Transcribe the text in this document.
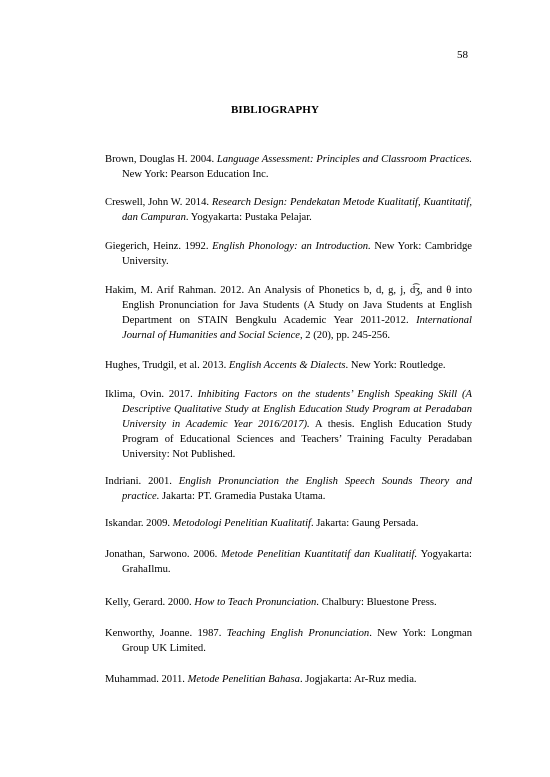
58
BIBLIOGRAPHY
Brown, Douglas H. 2004. Language Assessment: Principles and Classroom Practices. New York: Pearson Education Inc.
Creswell, John W. 2014. Research Design: Pendekatan Metode Kualitatif, Kuantitatif, dan Campuran. Yogyakarta: Pustaka Pelajar.
Giegerich, Heinz. 1992. English Phonology: an Introduction. New York: Cambridge University.
Hakim, M. Arif Rahman. 2012. An Analysis of Phonetics b, d, g, j, d͡ʒ, and θ into English Pronunciation for Java Students (A Study on Java Students at English Department on STAIN Bengkulu Academic Year 2011-2012. International Journal of Humanities and Social Science, 2 (20), pp. 245-256.
Hughes, Trudgil, et al. 2013. English Accents & Dialects. New York: Routledge.
Iklima, Ovin. 2017. Inhibiting Factors on the students’ English Speaking Skill (A Descriptive Qualitative Study at English Education Study Program at Peradaban University in Academic Year 2016/2017). A thesis. English Education Study Program of Educational Sciences and Teachers’ Training Faculty Peradaban University: Not Published.
Indriani. 2001. English Pronunciation the English Speech Sounds Theory and practice. Jakarta: PT. Gramedia Pustaka Utama.
Iskandar. 2009. Metodologi Penelitian Kualitatif. Jakarta: Gaung Persada.
Jonathan, Sarwono. 2006. Metode Penelitian Kuantitatif dan Kualitatif. Yogyakarta: GrahaIlmu.
Kelly, Gerard. 2000. How to Teach Pronunciation. Chalbury: Bluestone Press.
Kenworthy, Joanne. 1987. Teaching English Pronunciation. New York: Longman Group UK Limited.
Muhammad. 2011. Metode Penelitian Bahasa. Jogjakarta: Ar-Ruz media.
